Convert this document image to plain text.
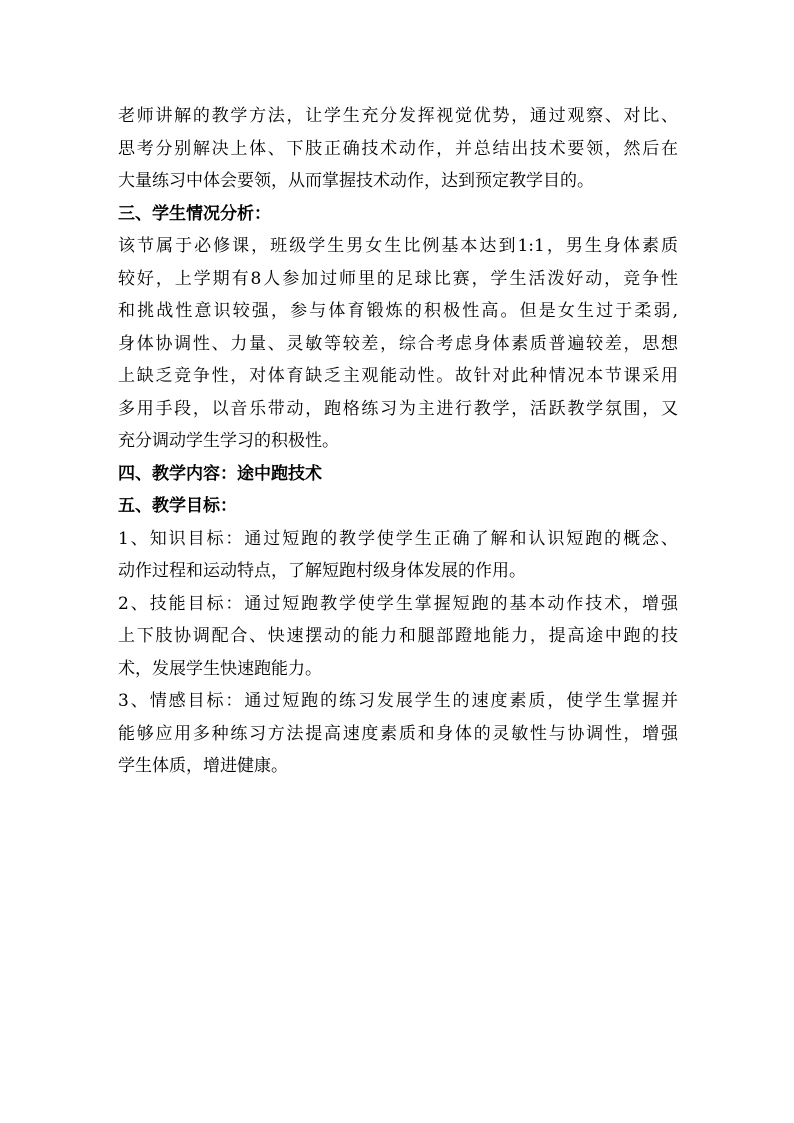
老师讲解的教学方法，让学生充分发挥视觉优势，通过观察、对比、
思考分别解决上体、下肢正确技术动作，并总结出技术要领，然后在
大量练习中体会要领，从而掌握技术动作，达到预定教学目的。
三、学生情况分析：
该节属于必修课，班级学生男女生比例基本达到1:1，男生身体素质
较好，上学期有8人参加过师里的足球比赛，学生活泼好动，竞争性
和挑战性意识较强，参与体育锻炼的积极性高。但是女生过于柔弱,
身体协调性、力量、灵敏等较差，综合考虑身体素质普遍较差，思想
上缺乏竞争性，对体育缺乏主观能动性。故针对此种情况本节课采用
多用手段，以音乐带动，跑格练习为主进行教学，活跃教学氛围，又
充分调动学生学习的积极性。
四、教学内容：途中跑技术
五、教学目标：
1、知识目标：通过短跑的教学使学生正确了解和认识短跑的概念、
动作过程和运动特点，了解短跑村级身体发展的作用。
2、技能目标：通过短跑教学使学生掌握短跑的基本动作技术，增强
上下肢协调配合、快速摆动的能力和腿部蹬地能力，提高途中跑的技
术，发展学生快速跑能力。
3、情感目标：通过短跑的练习发展学生的速度素质，使学生掌握并
能够应用多种练习方法提高速度素质和身体的灵敏性与协调性，增强
学生体质，增进健康。
